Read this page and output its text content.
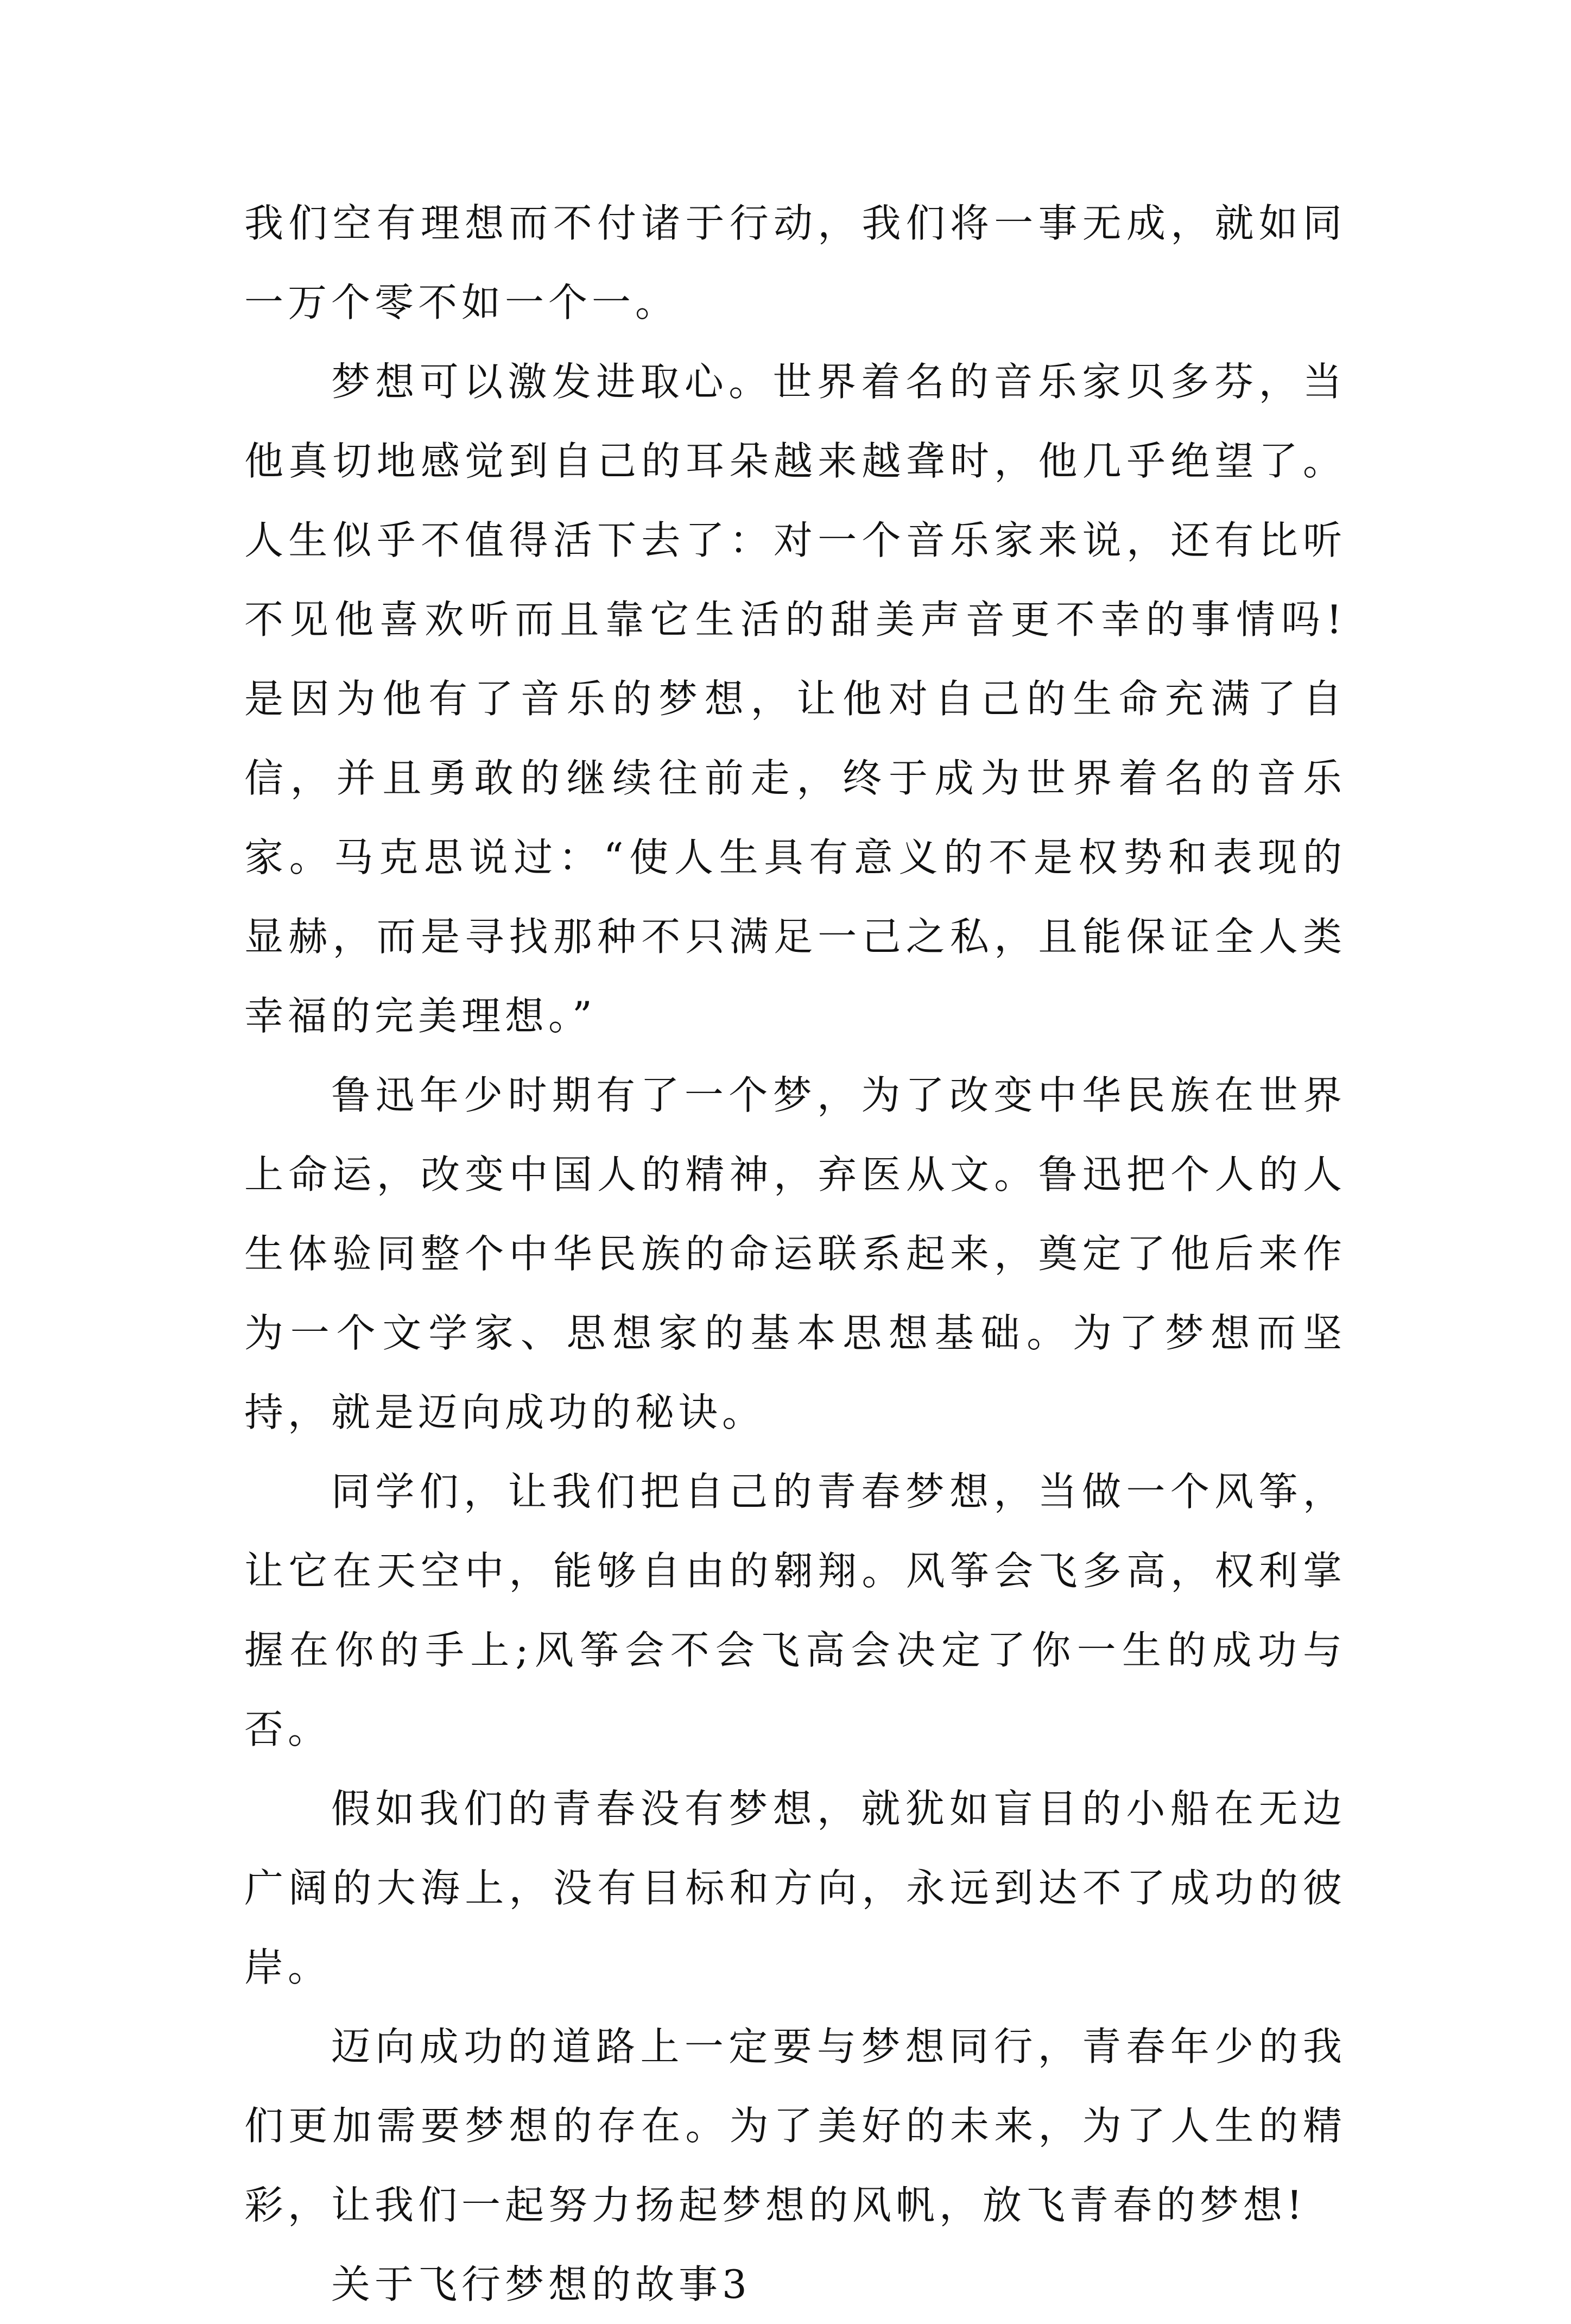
我们空有理想而不付诸于行动，我们将一事无成，就如同一万个零不如一个一。

梦想可以激发进取心。世界着名的音乐家贝多芬，当他真切地感觉到自己的耳朵越来越聋时，他几乎绝望了。人生似乎不值得活下去了：对一个音乐家来说，还有比听不见他喜欢听而且靠它生活的甜美声音更不幸的事情吗!是因为他有了音乐的梦想，让他对自己的生命充满了自信，并且勇敢的继续往前走，终于成为世界着名的音乐家。马克思说过：“使人生具有意义的不是权势和表现的显赫，而是寻找那种不只满足一己之私，且能保证全人类幸福的完美理想。”

鲁迅年少时期有了一个梦，为了改变中华民族在世界上命运，改变中国人的精神，弃医从文。鲁迅把个人的人生体验同整个中华民族的命运联系起来，奠定了他后来作为一个文学家、思想家的基本思想基础。为了梦想而坚持，就是迈向成功的秘诀。

同学们，让我们把自己的青春梦想，当做一个风筝，让它在天空中，能够自由的翱翔。风筝会飞多高，权利掌握在你的手上;风筝会不会飞高会决定了你一生的成功与否。

假如我们的青春没有梦想，就犹如盲目的小船在无边广阔的大海上，没有目标和方向，永远到达不了成功的彼岸。

迈向成功的道路上一定要与梦想同行，青春年少的我们更加需要梦想的存在。为了美好的未来，为了人生的精彩，让我们一起努力扬起梦想的风帆，放飞青春的梦想!

关于飞行梦想的故事3
